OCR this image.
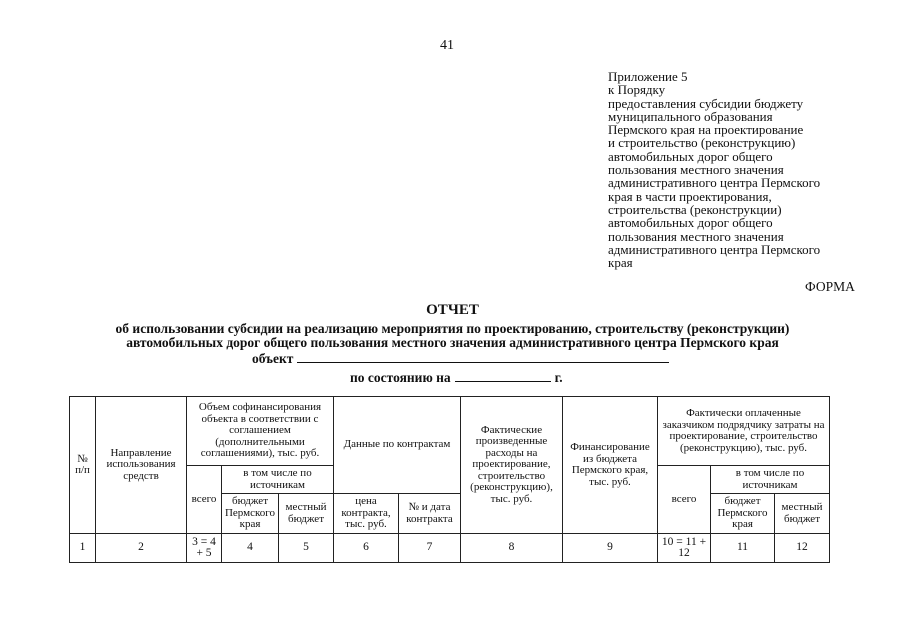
41
Приложение 5
к Порядку
предоставления субсидии бюджету
муниципального образования
Пермского края на проектирование
и строительство (реконструкцию)
автомобильных дорог общего
пользования местного значения
административного центра Пермского
края в части проектирования,
строительства (реконструкции)
автомобильных дорог общего
пользования местного значения
административного центра Пермского
края
ФОРМА
ОТЧЕТ
об использовании субсидии на реализацию мероприятия по проектированию, строительству (реконструкции)
автомобильных дорог общего пользования местного значения административного центра Пермского края
объект
по состоянию на	г.
№ п/п	Направление использования средств	Объем софинансирования объекта в соответствии с соглашением (дополнительными соглашениями), тыс. руб.			Данные по контрактам		Фактические произведенные расходы на проектирование, строительство (реконструкцию), тыс. руб.	Финансирование из бюджета Пермского края, тыс. руб.	Фактически оплаченные заказчиком подрядчику затраты на проектирование, строительство (реконструкцию), тыс. руб.		
		всего	в том числе по источникам						всего	в том числе по источникам	
			бюджет Пермского края	местный бюджет	цена контракта, тыс. руб.	№ и дата контракта				бюджет Пермского края	местный бюджет
1	2	3 = 4 + 5	4	5	6	7	8	9	10 = 11 + 12	11	12
